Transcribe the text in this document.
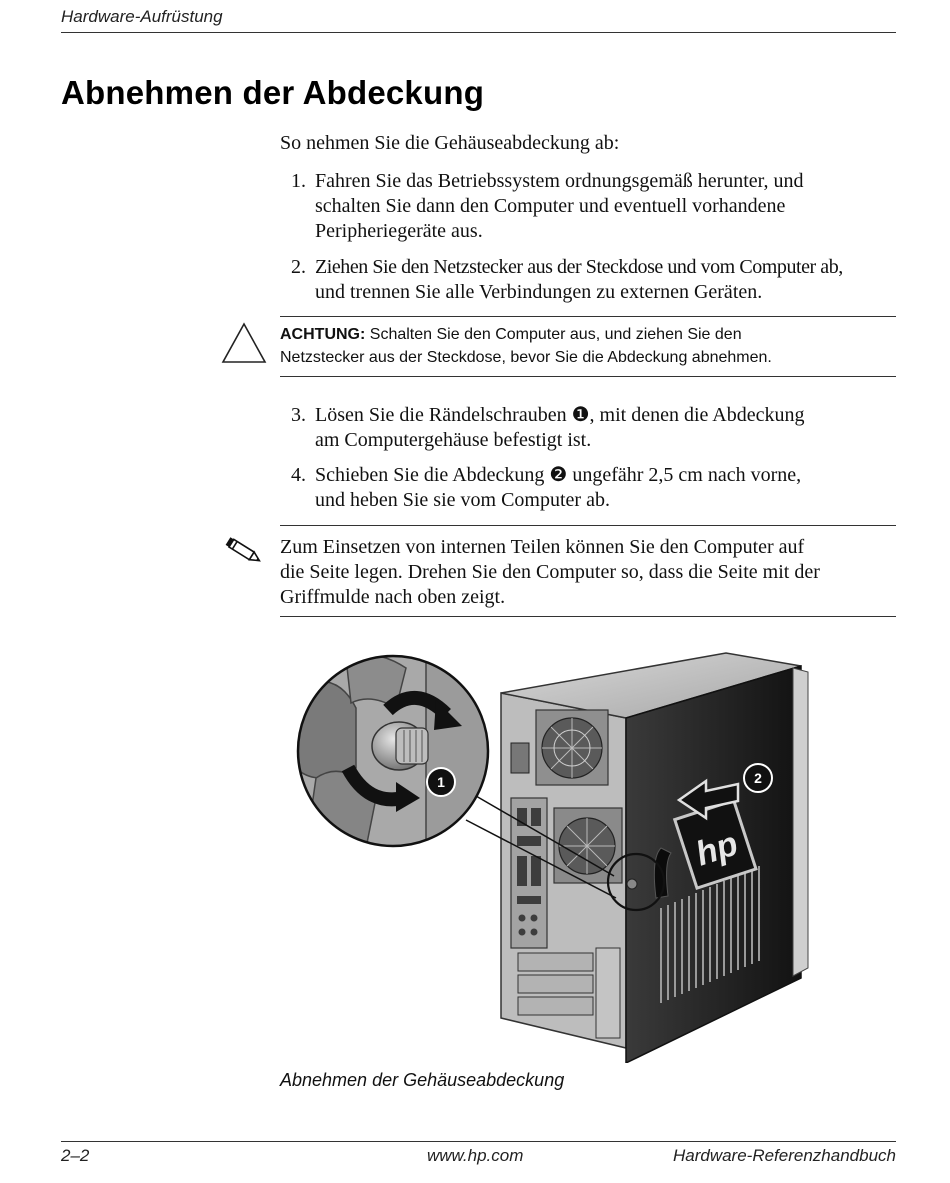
Hardware-Aufrüstung
Abnehmen der Abdeckung
So nehmen Sie die Gehäuseabdeckung ab:
1. Fahren Sie das Betriebssystem ordnungsgemäß herunter, und
schalten Sie dann den Computer und eventuell vorhandene
Peripheriegeräte aus.
2. Ziehen Sie den Netzstecker aus der Steckdose und vom Computer ab,
und trennen Sie alle Verbindungen zu externen Geräten.
ACHTUNG: Schalten Sie den Computer aus, und ziehen Sie den
Netzstecker aus der Steckdose, bevor Sie die Abdeckung abnehmen.
3. Lösen Sie die Rändelschrauben ❶, mit denen die Abdeckung
am Computergehäuse befestigt ist.
4. Schieben Sie die Abdeckung ❷ ungefähr 2,5 cm nach vorne,
und heben Sie sie vom Computer ab.
Zum Einsetzen von internen Teilen können Sie den Computer auf
die Seite legen. Drehen Sie den Computer so, dass die Seite mit der
Griffmulde nach oben zeigt.
hp
2
1
Abnehmen der Gehäuseabdeckung
2–2	www.hp.com	Hardware-Referenzhandbuch
